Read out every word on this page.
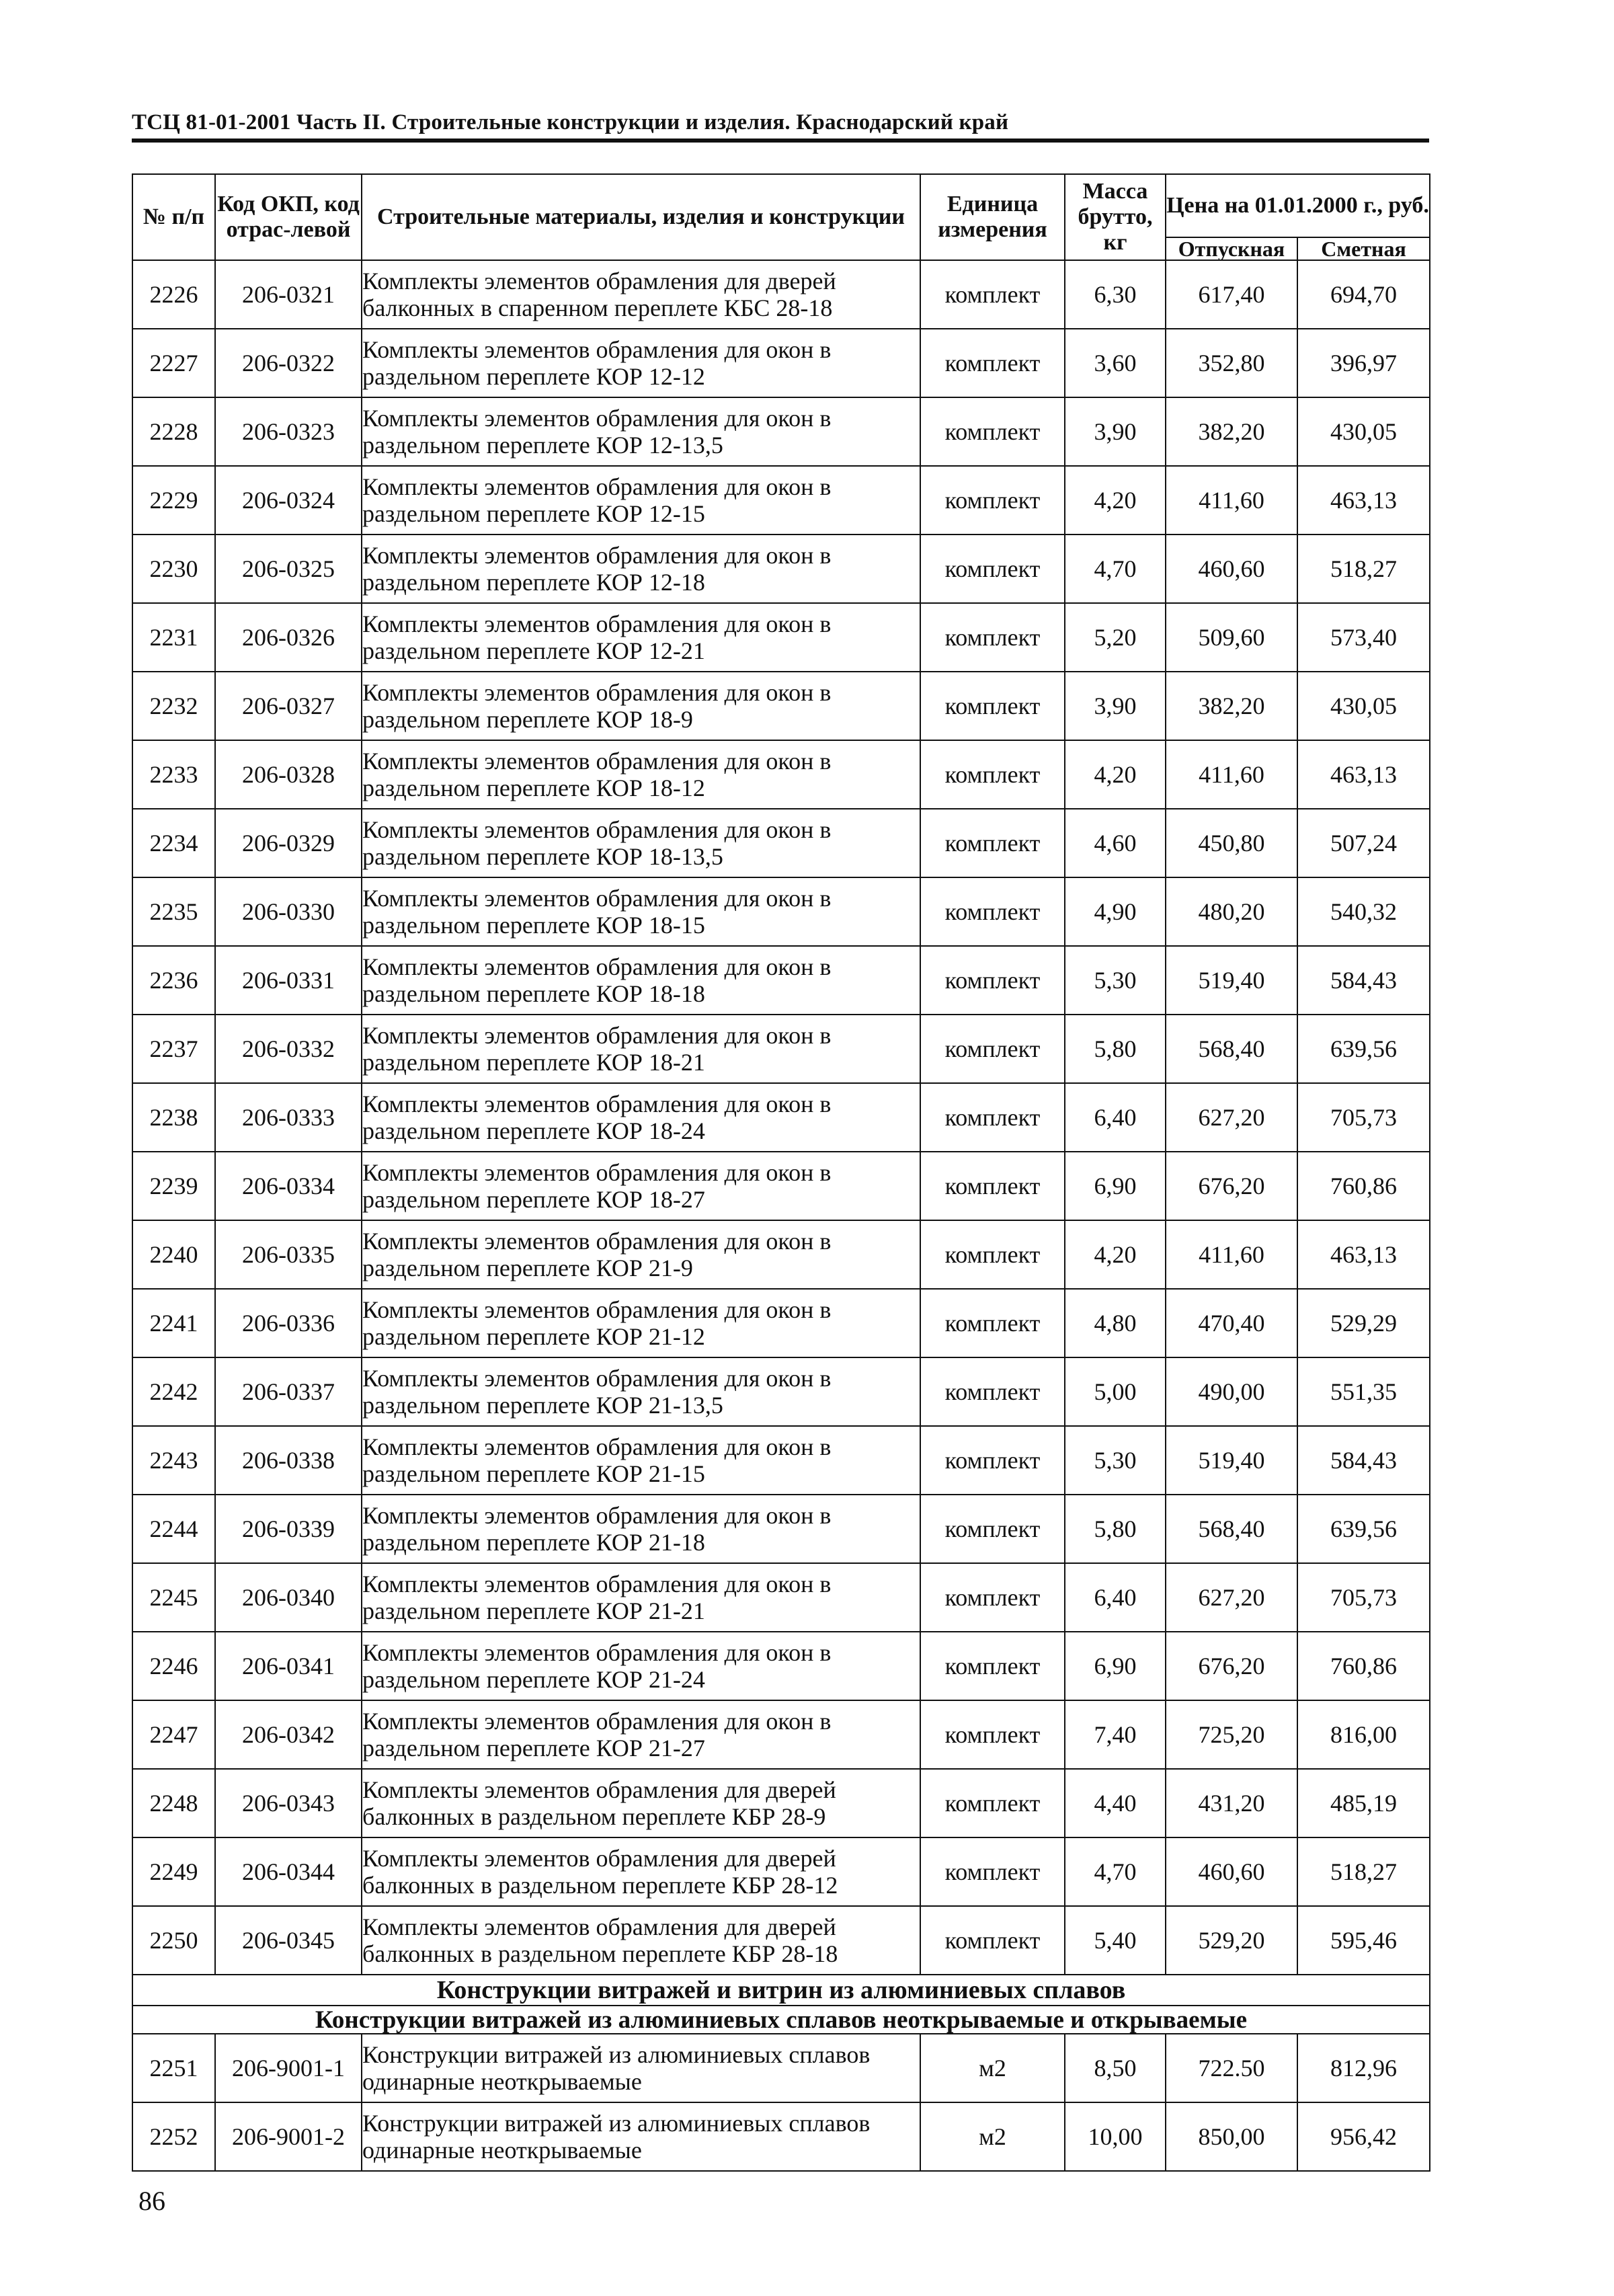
ТСЦ 81-01-2001 Часть II. Строительные конструкции и изделия. Краснодарский край
№ п/п	Код ОКП, код отрас-левой	Строительные материалы, изделия и конструкции	Единица измерения	Масса брутто, кг	Цена на 01.01.2000 г., руб.	
					Отпускная	Сметная
2226	206-0321	Комплекты элементов обрамления для дверей балконных в спаренном переплете КБС 28-18	комплект	6,30	617,40	694,70
2227	206-0322	Комплекты элементов обрамления для окон в раздельном переплете КОР 12-12	комплект	3,60	352,80	396,97
2228	206-0323	Комплекты элементов обрамления для окон в раздельном переплете КОР 12-13,5	комплект	3,90	382,20	430,05
2229	206-0324	Комплекты элементов обрамления для окон в раздельном переплете КОР 12-15	комплект	4,20	411,60	463,13
2230	206-0325	Комплекты элементов обрамления для окон в раздельном переплете КОР 12-18	комплект	4,70	460,60	518,27
2231	206-0326	Комплекты элементов обрамления для окон в раздельном переплете КОР 12-21	комплект	5,20	509,60	573,40
2232	206-0327	Комплекты элементов обрамления для окон в раздельном переплете КОР 18-9	комплект	3,90	382,20	430,05
2233	206-0328	Комплекты элементов обрамления для окон в раздельном переплете КОР 18-12	комплект	4,20	411,60	463,13
2234	206-0329	Комплекты элементов обрамления для окон в раздельном переплете КОР 18-13,5	комплект	4,60	450,80	507,24
2235	206-0330	Комплекты элементов обрамления для окон в раздельном переплете КОР 18-15	комплект	4,90	480,20	540,32
2236	206-0331	Комплекты элементов обрамления для окон в раздельном переплете КОР 18-18	комплект	5,30	519,40	584,43
2237	206-0332	Комплекты элементов обрамления для окон в раздельном переплете КОР 18-21	комплект	5,80	568,40	639,56
2238	206-0333	Комплекты элементов обрамления для окон в раздельном переплете КОР 18-24	комплект	6,40	627,20	705,73
2239	206-0334	Комплекты элементов обрамления для окон в раздельном переплете КОР 18-27	комплект	6,90	676,20	760,86
2240	206-0335	Комплекты элементов обрамления для окон в раздельном переплете КОР 21-9	комплект	4,20	411,60	463,13
2241	206-0336	Комплекты элементов обрамления для окон в раздельном переплете КОР 21-12	комплект	4,80	470,40	529,29
2242	206-0337	Комплекты элементов обрамления для окон в раздельном переплете КОР 21-13,5	комплект	5,00	490,00	551,35
2243	206-0338	Комплекты элементов обрамления для окон в раздельном переплете КОР 21-15	комплект	5,30	519,40	584,43
2244	206-0339	Комплекты элементов обрамления для окон в раздельном переплете КОР 21-18	комплект	5,80	568,40	639,56
2245	206-0340	Комплекты элементов обрамления для окон в раздельном переплете КОР 21-21	комплект	6,40	627,20	705,73
2246	206-0341	Комплекты элементов обрамления для окон в раздельном переплете КОР 21-24	комплект	6,90	676,20	760,86
2247	206-0342	Комплекты элементов обрамления для окон в раздельном переплете КОР 21-27	комплект	7,40	725,20	816,00
2248	206-0343	Комплекты элементов обрамления для дверей балконных в раздельном переплете КБР 28-9	комплект	4,40	431,20	485,19
2249	206-0344	Комплекты элементов обрамления для дверей балконных в раздельном переплете КБР 28-12	комплект	4,70	460,60	518,27
2250	206-0345	Комплекты элементов обрамления для дверей балконных в раздельном переплете КБР 28-18	комплект	5,40	529,20	595,46
Конструкции витражей и витрин из алюминиевых сплавов						
Конструкции витражей из алюминиевых сплавов неоткрываемые и открываемые						
2251	206-9001-1	Конструкции витражей из алюминиевых сплавов одинарные неоткрываемые	м2	8,50	722.50	812,96
2252	206-9001-2	Конструкции витражей из алюминиевых сплавов одинарные неоткрываемые	м2	10,00	850,00	956,42
86
